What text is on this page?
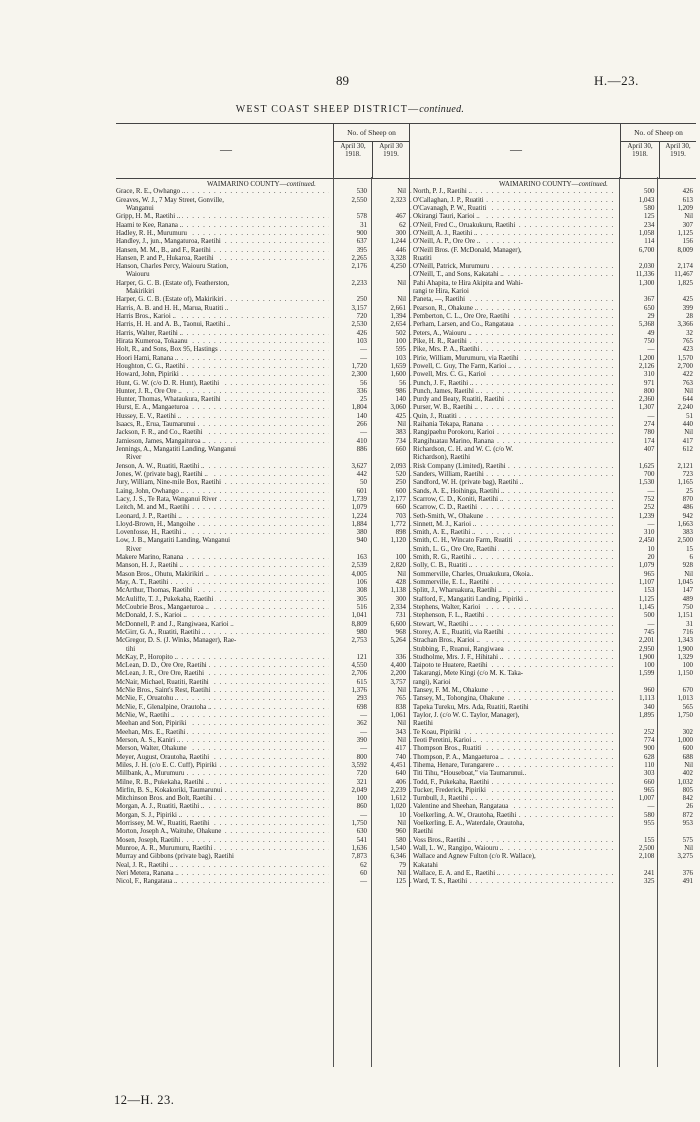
89	H.—23.
WEST COAST SHEEP DISTRICT—continued.
—
No. of Sheep on
April 30, 1918.
April 30 1919.
WAIMARINO COUNTY—continued.
Grace, R. E., Owhango .. . . .	530	Nil
Greaves, W. J., 7 May Street, Gonville,	2,550	2,323
Wanganui
Gripp, H. M., Raetihi .. . . .	578	467
Haami te Kee, Ranana .. . . .	31	62
Hadley, R. H., Murumuru . . .	900	300
Handley, J., jun., Mangaturoa, Raetihi . . .	637	1,244
Hansen, M. M., B., and F., Raetihi . . .	395	446
Hansen, P. and P., Hukaroa, Raetihi . . .	2,265	3,328
Hanson, Charles Percy, Waiouru Station,	2,176	4,250
Waiouru
Harper, G. C. B. (Estate of), Featherston,	2,233	Nil
Makirikiri
Harper, G. C. B. (Estate of), Makirikiri . . .	250	Nil
Harris, A. B. and H. H., Marua, Ruatiti ..	3,157	2,661
Harris Bros., Karioi .. . . .	720	1,394
Harris, H. H. and A. B., Taonui, Raetihi ..	2,530	2,654
Harris, Walter, Raetihi .. . . .	426	502
Hirata Kumeroa, Tokaanu . . .	103	100
Holt, R., and Sons, Box 95, Hastings . . .	—	595
Hoori Hami, Ranana .. . . .	—	103
Houghton, C. G., Raetihi . . .	1,720	1,659
Howard, John, Pipiriki . . .	2,300	1,600
Hunt, G. W. (c/o D. R. Hunt), Raetihi . . .	56	56
Hunter, J. R., Ore Ore .. . . .	336	986
Hunter, Thomas, Whataukura, Raetihi . . .	25	140
Hurst, E. A., Mangaeturoa . . .	1,804	3,060
Hussey, E. V., Raetihi .. . . .	140	425
Isaacs, R., Erua, Taumarunui . . .	266	Nil
Jackson, F. R., and Co., Raetihi . . .	—	383
Jamieson, James, Mangaituroa .. . . .	410	734
Jennings, A., Mangatiti Landing, Wanganui	886	660
River
Jenson, A. W., Ruatiti, Raetihi .. . . .	3,627	2,093
Jones, W. (private bag), Raetihi .. . . .	442	520
Jury, William, Nine-mile Box, Raetihi . . .	50	250
Laing, John, Owhango .. . . .	601	600
Lacy, J. S., Te Rata, Wanganui River . . .	1,739	2,177
Leitch, M. and M., Raetihi . . .	1,079	660
Leonard, J. P., Raetihi .. . . .	1,224	703
Lloyd-Brown, H., Mangoihe . . .	1,884	1,772
Lovenfosse, H., Raetihi .. . . .	380	898
Low, J. B., Mangatiti Landing, Wanganui	940	1,120
River
Makere Marino, Ranana . . .	163	100
Manson, H. J., Raetihi .. . . .	2,539	2,820
Mason Bros., Ohutu, Makirikiri .. . . .	4,005	Nil
May, A. T., Raetihi . . .	106	428
McArthur, Thomas, Raetihi . . .	308	1,138
McAuliffe, T. J., Pukekaha, Raetihi . . .	305	300
McCoubrie Bros., Mangaeturoa .. . . .	516	2,334
McDonald, J. S., Karioi .. . . .	1,041	731
McDonnell, P. and J., Rangiwaea, Karioi ..	8,809	6,600
McGirr, G. A., Ruatiti, Raetihi .. . . .	980	968
McGregor, D. S. (J. Winks, Manager), Rae-	2,753	5,264
tihi
McKay, P., Horopito .. . . .	121	336
McLean, D. D., Ore Ore, Raetihi . . .	4,550	4,400
McLean, J. R., Ore Ore, Raetihi . . .	2,706	2,200
McNair, Michael, Ruatiti, Raetihi . . .	615	3,757
McNie Bros., Saint's Rest, Raetihi . . .	1,376	Nil
McNie, F., Oruatohu .. . . .	293	765
McNie, F., Glenalpine, Orautoha .. . . .	698	838
McNie, W., Raetihi .. . . .	—	1,061
Meehan and Son, Pipiriki . . .	362	Nil
Meehan, Mrs. E., Raetihi . . .	—	343
Merson, A. S., Kaniri .. . . .	390	Nil
Merson, Walter, Ohakune . . .	—	417
Meyer, August, Orautoha, Raetihi . . .	800	740
Miles, J. H. (c/o E. C. Cuff), Pipiriki . . .	3,592	4,451
Millbank, A., Murumuru . . .	720	640
Milne, R. B., Pukekaha, Raetihi .. . . .	321	406
Mirfin, B. S., Kokakoriki, Taumarunui . . .	2,049	2,239
Mitchinson Bros. and Bolt, Raetihi . . .	100	1,612
Morgan, A. J., Ruatiti, Raetihi .. . . .	860	1,020
Morgan, S. J., Pipiriki .. . . .	—	10
Morrissey, M. W., Ruatiti, Raetihi . . .	1,750	Nil
Morton, Joseph A., Waituhe, Ohakune . . .	630	960
Mosen, Joseph, Raetihi . . .	541	580
Munroe, A. R., Murumuru, Raetihi . . .	1,636	1,540
Murray and Gibbons (private bag), Raetihi	7,873	6,346
Neal, J. R., Raetihi .. . . .	62	79
Neri Metera, Ranana .. . . .	60	Nil
Nicol, F., Rangataua .. . . .	—	125
—
No. of Sheep on
April 30, 1918.
April 30, 1919.
WAIMARINO COUNTY—continued.
North, P. J., Raetihi .. . . .	500	426
O'Callaghan, J. P., Ruatiti . . .	1,043	613
O'Cavanagh, P. W., Ruatiti . . .	580	1,209
Okirangi Tauri, Karioi .. . . .	125	Nil
O'Neil, Fred C., Oruakukuru, Raetihi . . .	234	307
O'Neill, A. J., Raetihi .. . . .	1,058	1,125
O'Neill, A. P., Ore Ore .. . . .	114	156
O'Neill Bros. (F. McDonald, Manager),	6,700	8,009
Ruatiti
O'Neill, Patrick, Murumuru . . .	2,030	2,174
O'Neill, T., and Sons, Kakatahi .. . . .	11,336	11,467
Pahi Ahapita, te Hira Akipita and Wahi-	1,300	1,825
rangi te Hira, Karioi
Paneta, —, Raetihi . . .	367	425
Pearson, R., Ohakune .. . . .	650	399
Pemberton, C. L., Ore Ore, Raetihi . . .	29	28
Perham, Larsen, and Co., Rangataua . . .	5,368	3,366
Peters, A., Waiouru .. . . .	49	32
Pike, H. R., Raetihi . . .	750	765
Pike, Mrs. P. A., Raetihi . . .	—	423
Pirie, William, Murumuru, via Raetihi . . .	1,200	1,570
Powell, C. Guy, The Farm, Karioi .. . . .	2,126	2,700
Powell, Mrs. C. G., Karioi . . .	310	422
Punch, J. F., Raetihi .. . . .	971	763
Punch, James, Raetihi .. . . .	800	Nil
Purdy and Beaty, Ruatiti, Raetihi . . .	2,360	644
Purser, W. B., Raetihi .. . . .	1,307	2,240
Quin, J., Ruatiti . . .	—	51
Raihania Tekapa, Ranana . . .	274	440
Rangipaehu Porokoru, Karioi . . .	780	Nil
Rangihuatau Marino, Ranana . . .	174	417
Richardson, C. H. and W. C. (c/o W.	407	612
Richardson), Raetihi
Risk Company (Limited), Raetihi . . .	1,625	2,121
Sanders, William, Raetihi . . .	700	723
Sandford, W. H. (private bag), Raetihi ..	1,530	1,165
Sands, A. E., Hoihinga, Raetihi .. . . .	—	25
Scarrow, C. D., Koniti, Raetihi .. . . .	752	870
Scarrow, C. D., Raetihi . . .	252	486
Seth-Smith, W., Ohakune . . .	1,239	942
Sinnett, M. J., Karioi .. . . .	—	1,663
Smith, A. E., Raetihi .. . . .	310	383
Smith, C. H., Wincato Farm, Ruatiti . . .	2,450	2,500
Smith, L. G., Ore Ore, Raetihi . . .	10	15
Smith, R. G., Raetihi .. . . .	20	6
Solly, C. B., Ruatiti .. . . .	1,079	928
Sommerville, Charles, Oruakukura, Okoia..	965	Nil
Sommerville, E. L., Raetihi . . .	1,107	1,045
Splitt, J., Wharuakura, Raetihi .. . . .	153	147
Stafford, F., Mangatiti Landing, Pipiriki ..	1,125	489
Stephens, Walter, Karioi . . .	1,145	750
Stephenson, F. L., Raetihi . . .	500	1,151
Stewart, W., Raetihi .. . . .	—	31
Storey, A. E., Ruatiti, via Raetihi . . .	745	716
Strachan Bros., Karioi .. . . .	2,201	1,343
Stubbing, F., Ruanui, Rangiwaea . . .	2,950	1,900
Studholme, Mrs. J. F., Hihitahi .. . . .	1,900	1,329
Taipoto te Huatere, Raetihi . . .	100	100
Takarangi, Mete Kingi (c/o M. K. Taka-	1,599	1,150
rangi), Karioi
Tansey, F. M. M., Ohakune . . .	960	670
Tansey, M., Tohongina, Ohakune . . .	1,113	1,013
Tapeka Tureku, Mrs. Ada, Ruatiti, Raetihi	340	565
Taylor, J. (c/o W. C. Taylor, Manager),	1,895	1,750
Raetihi
Te Koau, Pipiriki . . .	252	302
Teoti Peretini, Karioi .. . . .	774	1,000
Thompson Bros., Ruatiti . . .	900	600
Thompson, P. A., Mangaeturoa .. . . .	628	688
Tihema, Henare, Turangarere .. . . .	110	Nil
Titi Tihu, “Houseboat,” via Taumarunui..	303	402
Todd, F., Pukekaha, Raetihi . . .	660	1,032
Tucker, Frederick, Pipiriki . . .	965	805
Turnbull, J., Raetihi .. . . .	1,007	842
Valentine and Sheehan, Rangataua . . .	—	26
Voelkerling, A. W., Orautoha, Raetihi . . .	580	872
Voelkerling, E. A., Waterdale, Orautoha,	955	953
Raetihi
Voss Bros., Raetihi .. . . .	155	575
Wall, L. W., Rangipo, Waiouru .. . . .	2,500	Nil
Wallace and Agnew Fulton (c/o R. Wallace),	2,108	3,275
Kakatahi
Wallace, E. A. and E., Raetihi .. . . .	241	376
Ward, T. S., Raetihi . . .	325	491
12—H. 23.
